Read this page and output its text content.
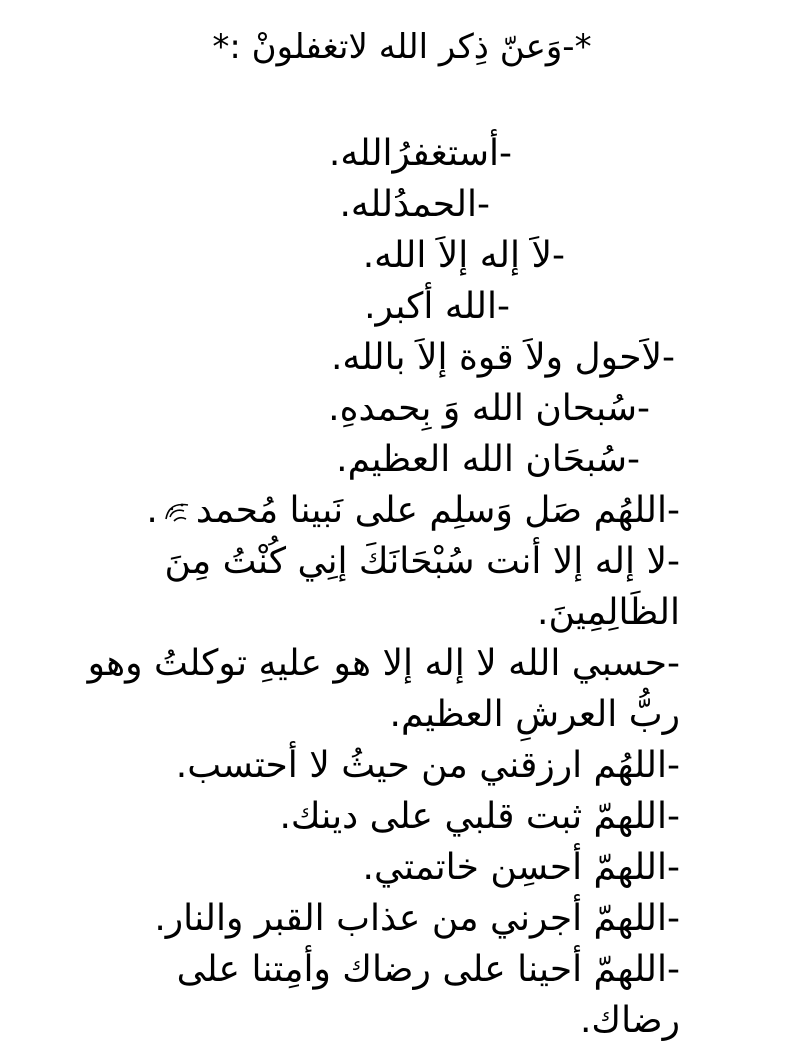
*-وَعنّ ذِكر الله لاتغفلونْ :*
-أستغفرُالله.
-الحمدُلله.
-لاَ إله إلاَ الله.
-الله أكبر.
-لاَحول ولاَ قوة إلاَ بالله.
-سُبحان الله وَ بِحمدهِ.
-سُبحَان الله العظيم.
-اللهُم صَل وَسلِم على نَبينا مُحمد.
-لا إله إلا أنت سُبْحَانَكَ إنِي كُنْتُ مِنَ
الظَالِمِينَ.
-حسبي الله لا إله إلا هو عليهِ توكلتُ وهو
ربُّ العرشِ العظيم.
-اللهُم ارزقني من حيثُ لا أحتسب.
-اللهمّ ثبت قلبي على دينك.
-اللهمّ أحسِن خاتمتي.
-اللهمّ أجرني من عذاب القبر والنار.
-اللهمّ أحينا على رضاك وأمِتنا على
رضاك.
